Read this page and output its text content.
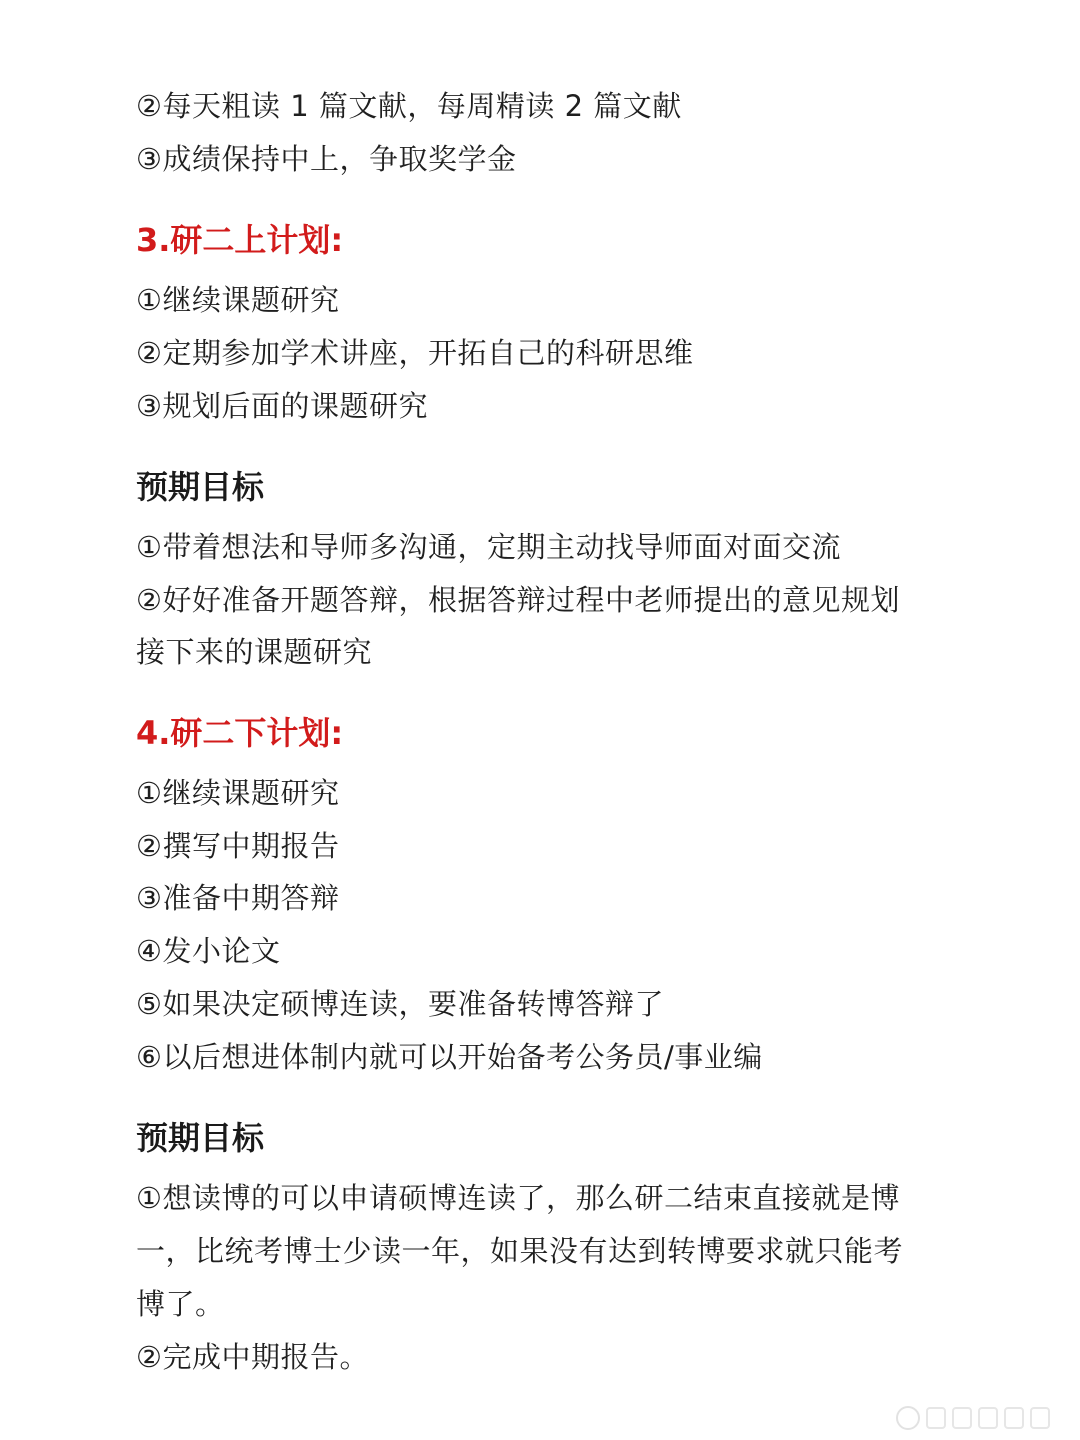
②每天粗读 1 篇文献，每周精读 2 篇文献
③成绩保持中上，争取奖学金
3.研二上计划:
①继续课题研究
②定期参加学术讲座，开拓自己的科研思维
③规划后面的课题研究
预期目标
①带着想法和导师多沟通，定期主动找导师面对面交流
②好好准备开题答辩，根据答辩过程中老师提出的意见规划
接下来的课题研究
4.研二下计划:
①继续课题研究
②撰写中期报告
③准备中期答辩
④发小论文
⑤如果决定硕博连读，要准备转博答辩了
⑥以后想进体制内就可以开始备考公务员/事业编
预期目标
①想读博的可以申请硕博连读了，那么研二结束直接就是博
一，比统考博士少读一年，如果没有达到转博要求就只能考
博了。
②完成中期报告。
